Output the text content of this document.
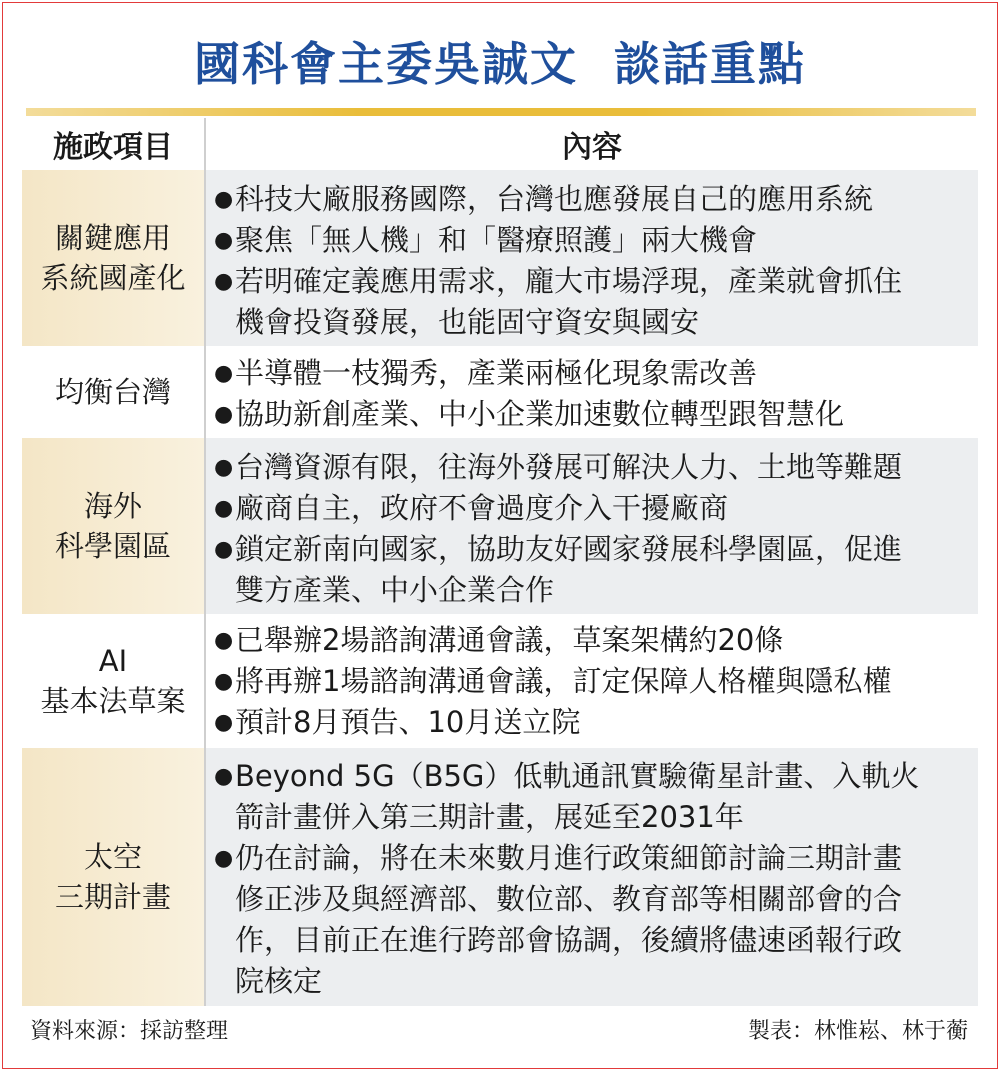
國科會主委吳誠文  談話重點
施政項目	內容
關鍵應用
系統國產化
● 科技大廠服務國際，台灣也應發展自己的應用系統
● 聚焦「無人機」和「醫療照護」兩大機會
● 若明確定義應用需求，龐大市場浮現，產業就會抓住
機會投資發展，也能固守資安與國安
均衡台灣
● 半導體一枝獨秀，產業兩極化現象需改善
● 協助新創產業、中小企業加速數位轉型跟智慧化
海外
科學園區
● 台灣資源有限，往海外發展可解決人力、土地等難題
● 廠商自主，政府不會過度介入干擾廠商
● 鎖定新南向國家，協助友好國家發展科學園區，促進
雙方產業、中小企業合作
AI
基本法草案
● 已舉辦2場諮詢溝通會議，草案架構約20條
● 將再辦1場諮詢溝通會議，訂定保障人格權與隱私權
● 預計8月預告、10月送立院
太空
三期計畫
● Beyond 5G（B5G）低軌通訊實驗衛星計畫、入軌火
箭計畫併入第三期計畫，展延至2031年
● 仍在討論，將在未來數月進行政策細節討論三期計畫
修正涉及與經濟部、數位部、教育部等相關部會的合
作，目前正在進行跨部會協調，後續將儘速函報行政
院核定
資料來源：採訪整理	製表：林惟崧、林于蘅
